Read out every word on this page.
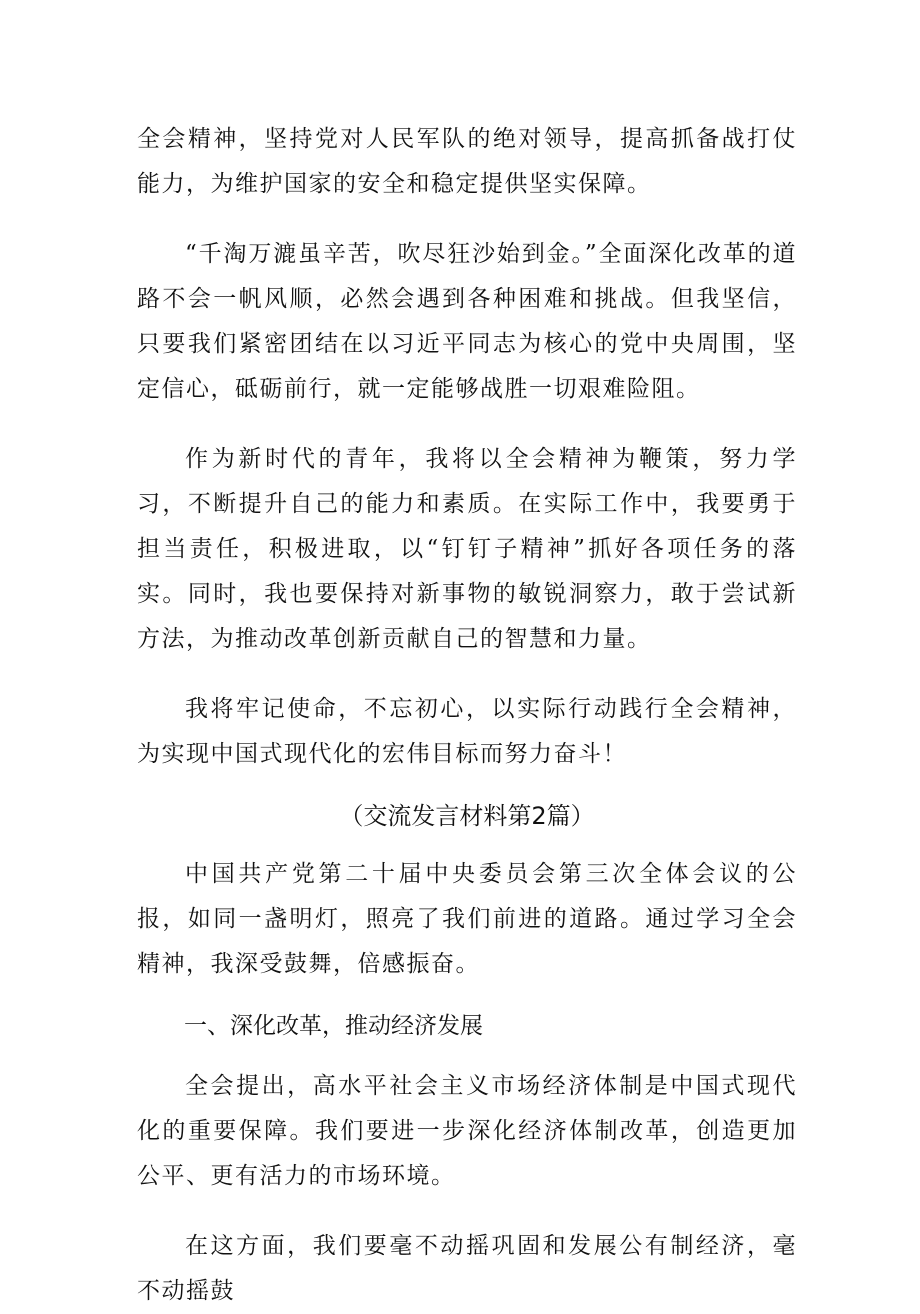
全会精神，坚持党对人民军队的绝对领导，提高抓备战打仗能力，为维护国家的安全和稳定提供坚实保障。

“千淘万漉虽辛苦，吹尽狂沙始到金。”全面深化改革的道路不会一帆风顺，必然会遇到各种困难和挑战。但我坚信，只要我们紧密团结在以习近平同志为核心的党中央周围，坚定信心，砥砺前行，就一定能够战胜一切艰难险阻。

作为新时代的青年，我将以全会精神为鞭策，努力学习，不断提升自己的能力和素质。在实际工作中，我要勇于担当责任，积极进取，以“钉钉子精神”抓好各项任务的落实。同时，我也要保持对新事物的敏锐洞察力，敢于尝试新方法，为推动改革创新贡献自己的智慧和力量。

我将牢记使命，不忘初心，以实际行动践行全会精神，为实现中国式现代化的宏伟目标而努力奋斗！

（交流发言材料第2篇）

中国共产党第二十届中央委员会第三次全体会议的公报，如同一盏明灯，照亮了我们前进的道路。通过学习全会精神，我深受鼓舞，倍感振奋。

一、深化改革，推动经济发展

全会提出，高水平社会主义市场经济体制是中国式现代化的重要保障。我们要进一步深化经济体制改革，创造更加公平、更有活力的市场环境。

在这方面，我们要毫不动摇巩固和发展公有制经济，毫不动摇鼓
